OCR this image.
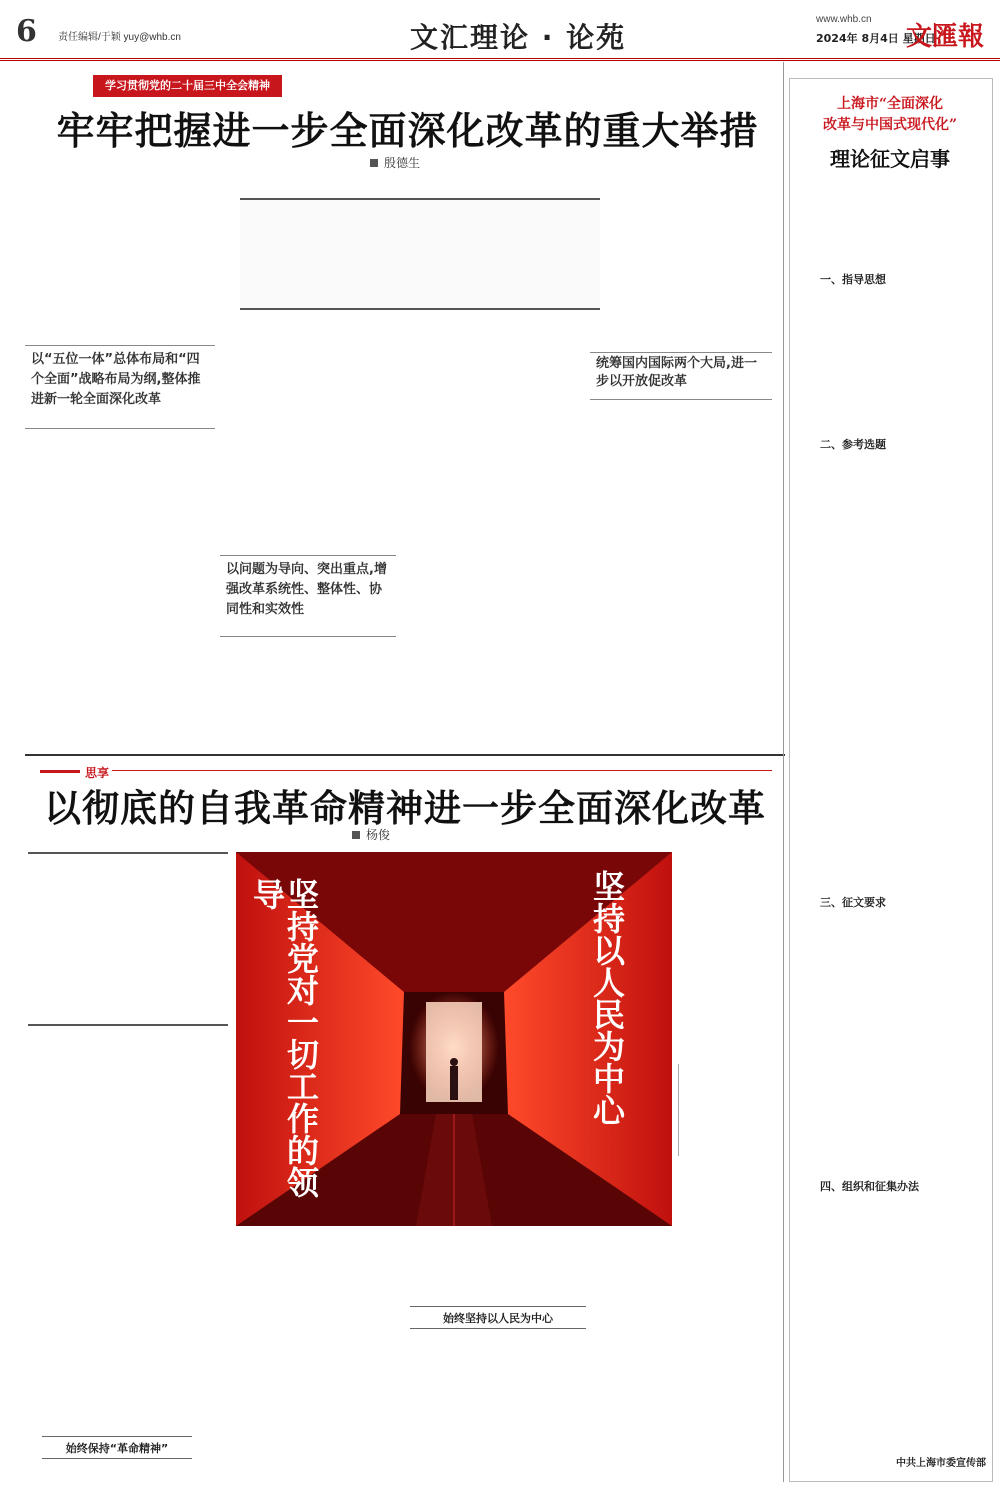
6 责任编辑/于颖 yuy@whb.cn	文汇理论 · 论苑
www.whb.cn
2024年 8月4日 星期日
文匯報
学习贯彻党的二十届三中全会精神
牢牢把握进一步全面深化改革的重大举措
殷德生
以“五位一体”总体布局和“四个全面”战略布局为纲,整体推进新一轮全面深化改革
以问题为导向、突出重点,增强改革系统性、整体性、协同性和实效性
统筹国内国际两个大局,进一步以开放促改革
思享
以彻底的自我革命精神进一步全面深化改革
杨俊
坚持党对一切工作的领导	坚持以人民为中心
始终保持“革命精神”
始终坚持以人民为中心
上海市“全面深化
改革与中国式现代化”
理论征文启事
一、指导思想
二、参考选题
三、征文要求
四、组织和征集办法
中共上海市委宣传部
